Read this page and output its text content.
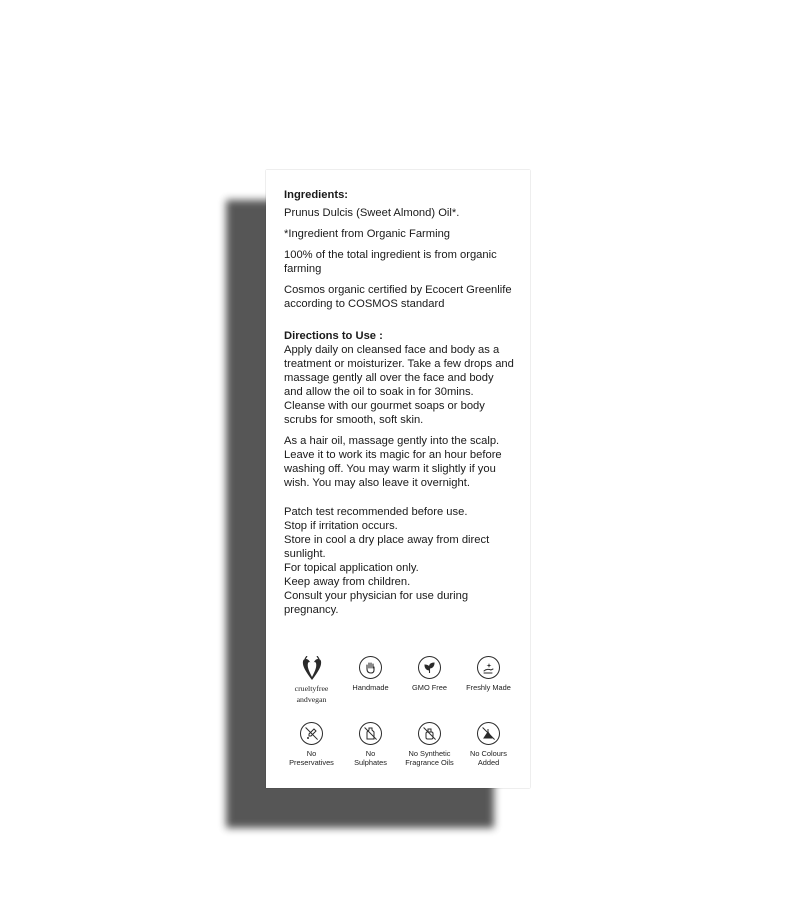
Ingredients:
Prunus Dulcis (Sweet Almond) Oil*.
*Ingredient from Organic Farming
100% of the total ingredient is from organic farming
Cosmos organic certified by Ecocert Greenlife according to COSMOS standard
Directions to Use :
Apply daily on cleansed face and body as a treatment or moisturizer. Take a few drops and massage gently all over the face and body and allow the oil to soak in for 30mins. Cleanse with our gourmet soaps or body scrubs for smooth, soft skin.
As a hair oil, massage gently into the scalp. Leave it to work its magic for an hour before washing off. You may warm it slightly if you wish. You may also leave it overnight.
Patch test recommended before use.
Stop if irritation occurs.
Store in cool a dry place away from direct sunlight.
For topical application only.
Keep away from children.
Consult your physician for use during pregnancy.
crueltyfree
andvegan
Handmade	GMO Free	Freshly Made
No
Preservatives
No
Sulphates
No Synthetic
Fragrance Oils
No Colours
Added
